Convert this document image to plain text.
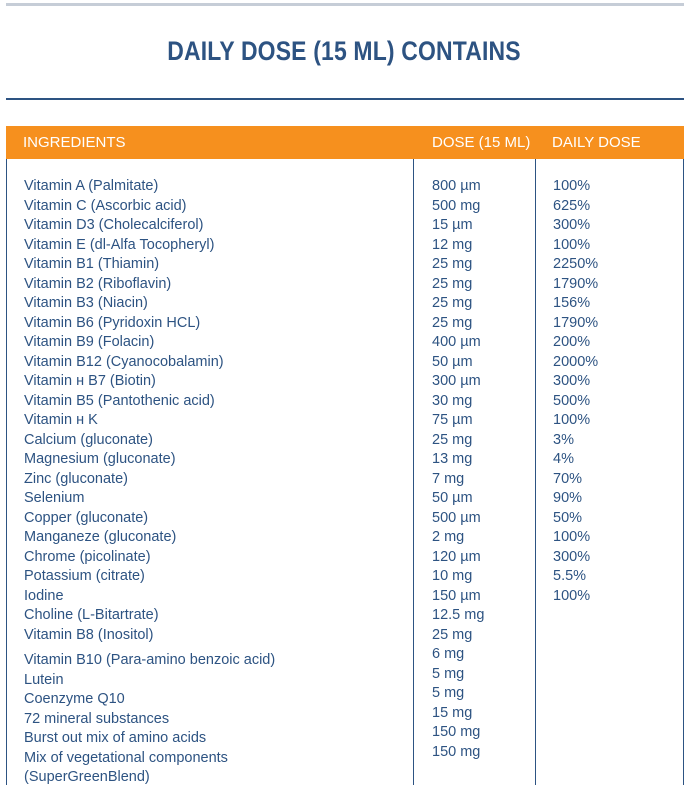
DAILY DOSE (15 ML) CONTAINS
INGREDIENTS	DOSE (15 ML) DAILY DOSE
Vitamin A (Palmitate)
Vitamin C (Ascorbic acid)
Vitamin D3 (Cholecalciferol)
Vitamin E (dl-Alfa Tocopheryl)
Vitamin B1 (Thiamin)
Vitamin B2 (Riboflavin)
Vitamin B3 (Niacin)
Vitamin B6 (Pyridoxin HCL)
Vitamin B9 (Folacin)
Vitamin B12 (Cyanocobalamin)
Vitamin н B7 (Biotin)
Vitamin B5 (Pantothenic acid)
Vitamin н K
Calcium (gluconate)
Magnesium (gluconate)
Zinc (gluconate)
Selenium
Copper (gluconate)
Manganeze (gluconate)
Chrome (picolinate)
Potassium (citrate)
Iodine
Choline (L-Bitartrate)
Vitamin B8 (Inositol)
Vitamin B10 (Para-amino benzoic acid)
Lutein
Coenzyme Q10
72 mineral substances
Burst out mix of amino acids
Mix of vegetational components
(SuperGreenBlend)
800 µm
500 mg
15 µm
12 mg
25 mg
25 mg
25 mg
25 mg
400 µm
50 µm
300 µm
30 mg
75 µm
25 mg
13 mg
7 mg
50 µm
500 µm
2 mg
120 µm
10 mg
150 µm
12.5 mg
25 mg
6 mg
5 mg
5 mg
15 mg
150 mg
150 mg
100%
625%
300%
100%
2250%
1790%
156%
1790%
200%
2000%
300%
500%
100%
3%
4%
70%
90%
50%
100%
300%
5.5%
100%
